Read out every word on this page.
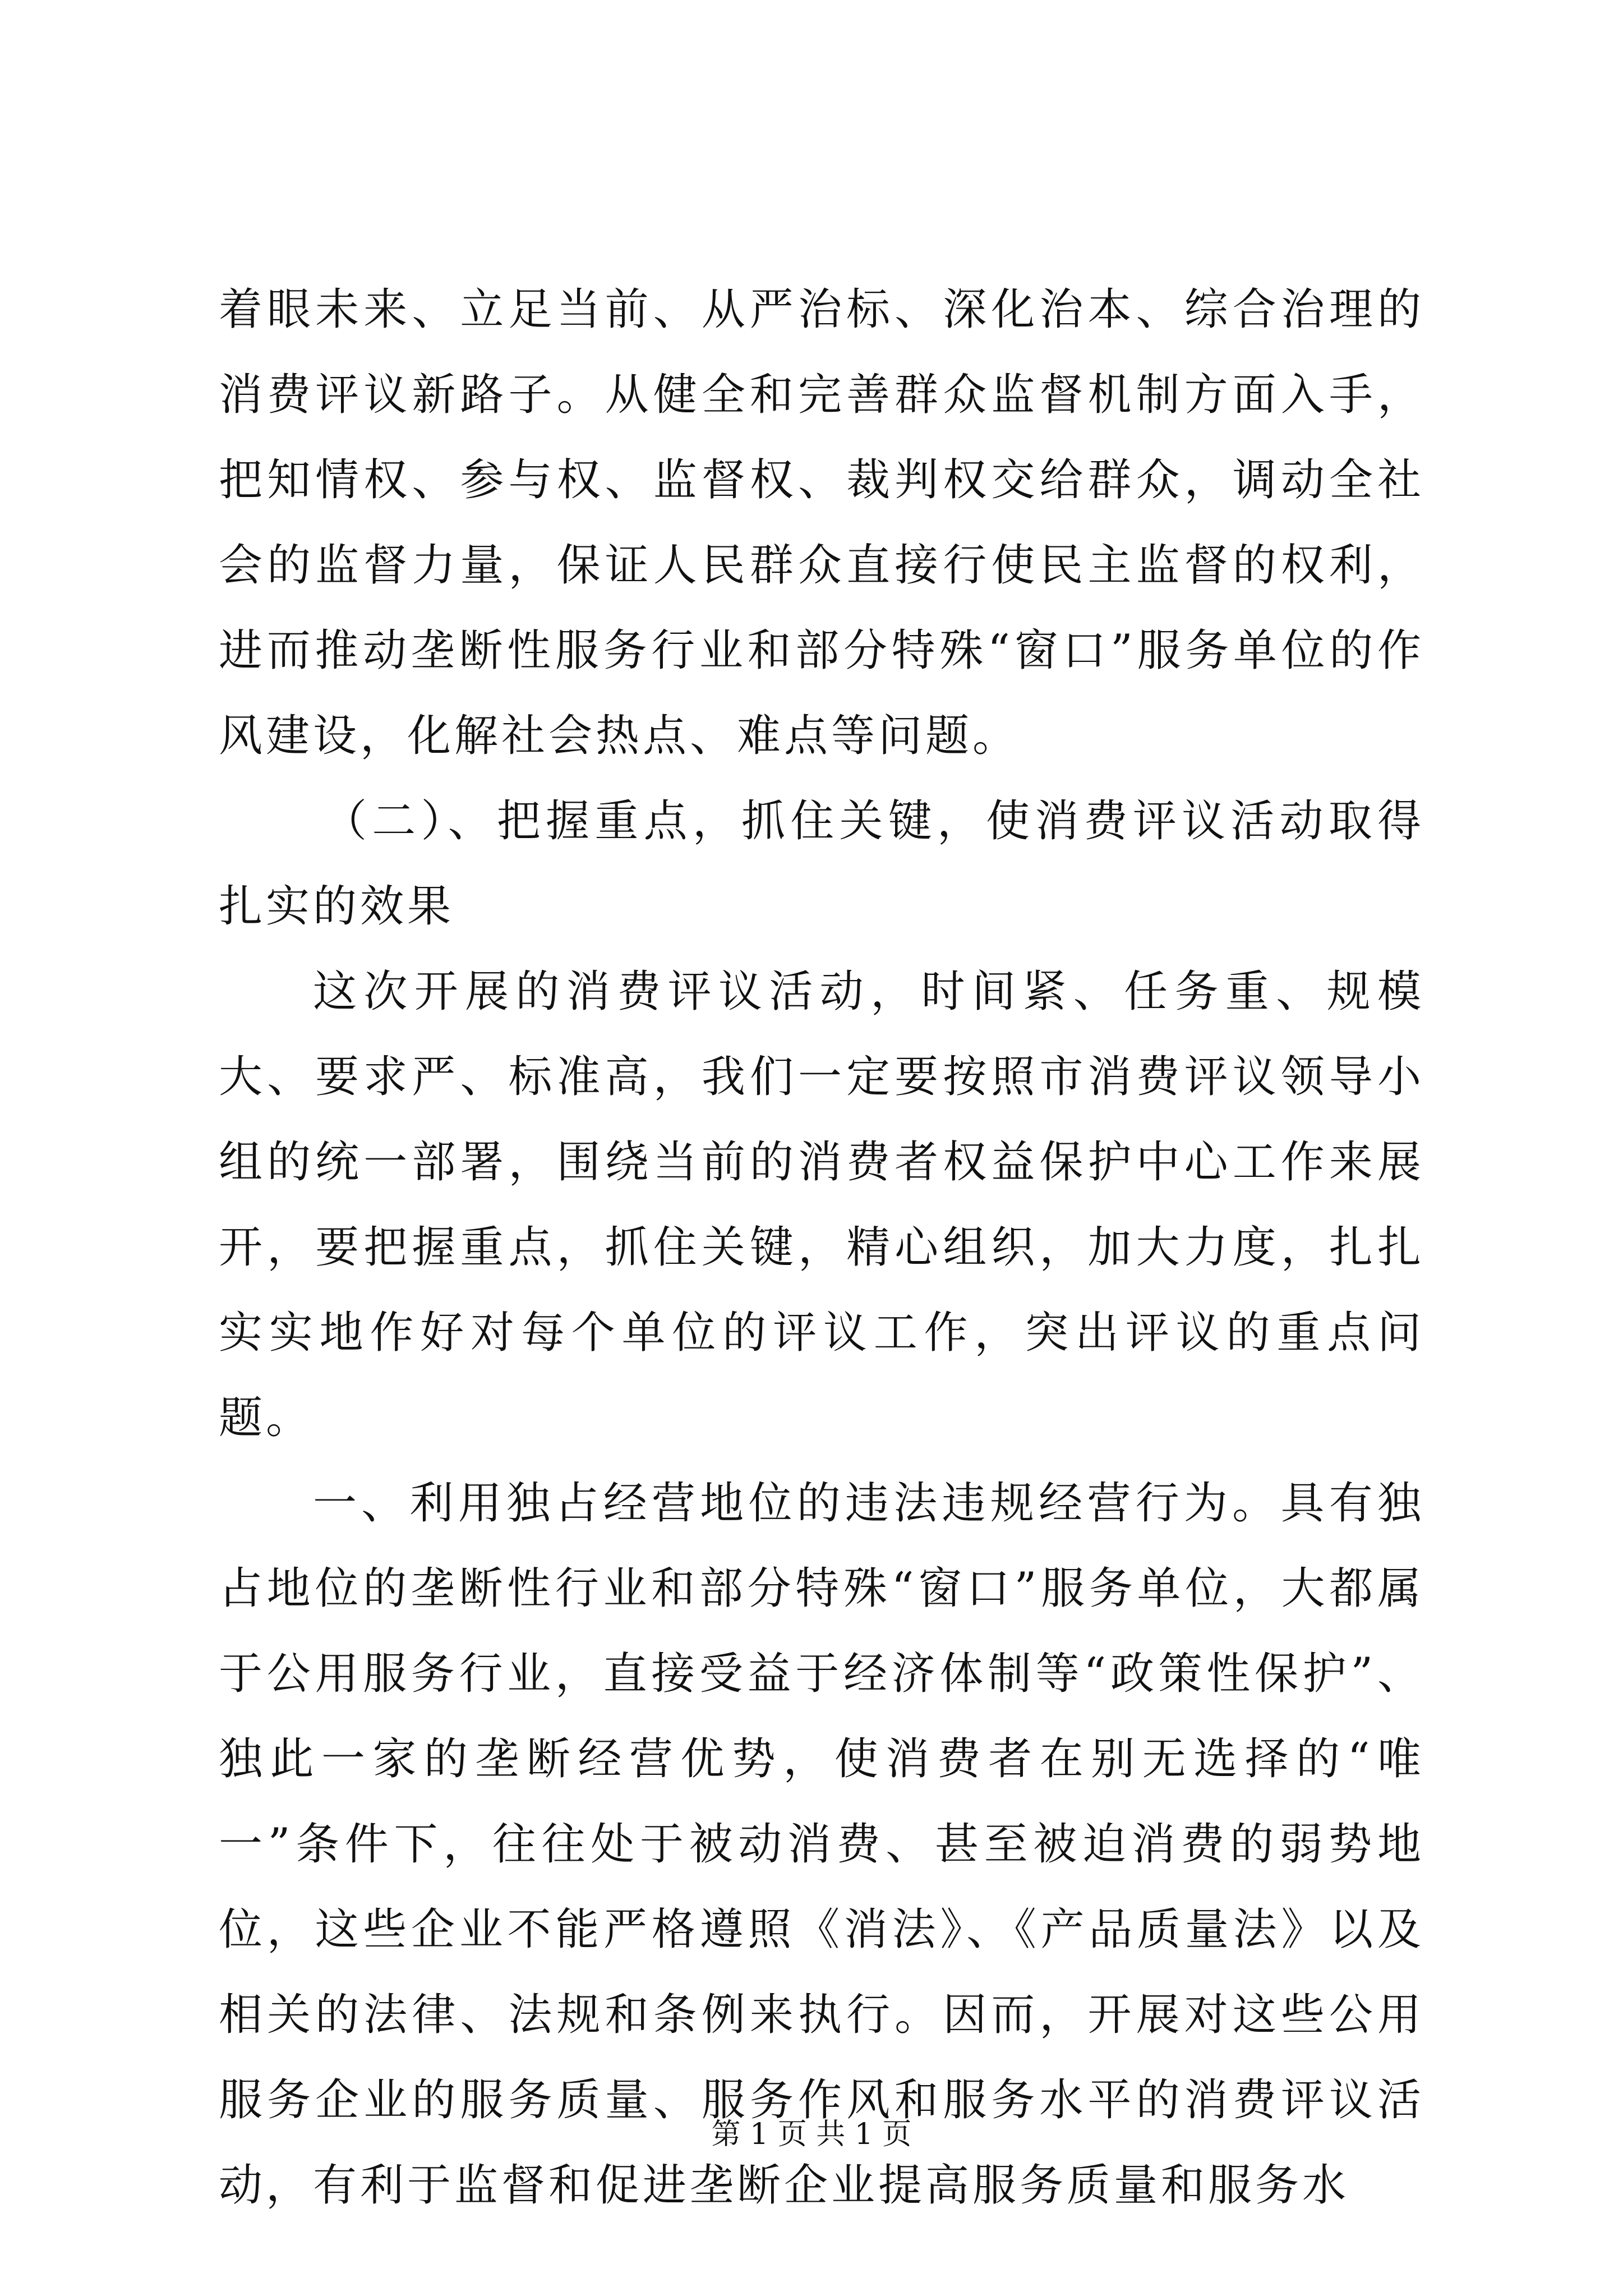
着眼未来、立足当前、从严治标、深化治本、综合治理的消费评议新路子。从健全和完善群众监督机制方面入手，把知情权、参与权、监督权、裁判权交给群众，调动全社会的监督力量，保证人民群众直接行使民主监督的权利，进而推动垄断性服务行业和部分特殊“窗口”服务单位的作风建设，化解社会热点、难点等问题。

（二）、把握重点，抓住关键，使消费评议活动取得扎实的效果

这次开展的消费评议活动，时间紧、任务重、规模大、要求严、标准高，我们一定要按照市消费评议领导小组的统一部署，围绕当前的消费者权益保护中心工作来展开，要把握重点，抓住关键，精心组织，加大力度，扎扎实实地作好对每个单位的评议工作，突出评议的重点问题。

一、利用独占经营地位的违法违规经营行为。具有独占地位的垄断性行业和部分特殊“窗口”服务单位，大都属于公用服务行业，直接受益于经济体制等“政策性保护”、独此一家的垄断经营优势，使消费者在别无选择的“唯一”条件下，往往处于被动消费、甚至被迫消费的弱势地位，这些企业不能严格遵照《消法》、《产品质量法》以及相关的法律、法规和条例来执行。因而，开展对这些公用服务企业的服务质量、服务作风和服务水平的消费评议活动，有利于监督和促进垄断企业提高服务质量和服务水

第 1 页 共 1 页
